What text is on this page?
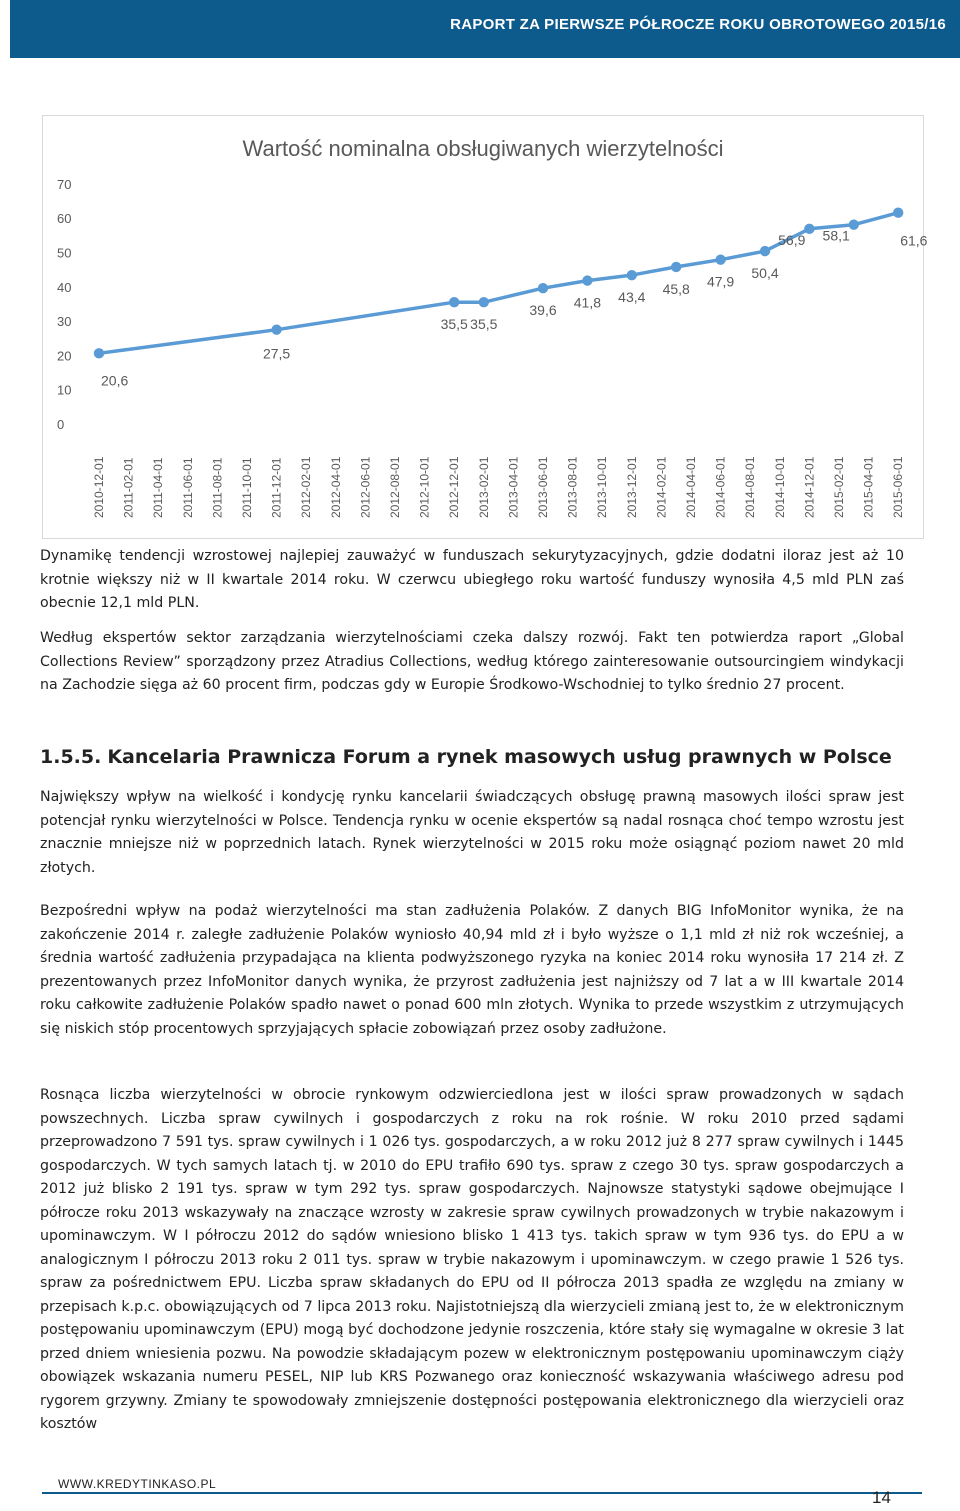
RAPORT ZA PIERWSZE PÓŁROCZE ROKU OBROTOWEGO 2015/16
Wartość nominalna obsługiwanych wierzytelności
0
10
20
30
40
50
60
70
2010-12-01 2011-02-01 2011-04-01 2011-06-01 2011-08-01 2011-10-01 2011-12-01 2012-02-01 2012-04-01 2012-06-01 2012-08-01 2012-10-01 2012-12-01 2013-02-01 2013-04-01 2013-06-01 2013-08-01 2013-10-01 2013-12-01 2014-02-01 2014-04-01 2014-06-01 2014-08-01 2014-10-01 2014-12-01 2015-02-01 2015-04-01 2015-06-01
20,6
27,5
35,5 35,5
39,6 41,8 43,4
45,8 47,9
50,4
56,9 58,1	61,6

Dynamikę tendencji wzrostowej najlepiej zauważyć w funduszach sekurytyzacyjnych, gdzie dodatni iloraz jest aż 10 krotnie większy niż w II kwartale 2014 roku. W czerwcu ubiegłego roku wartość funduszy wynosiła 4,5 mld PLN zaś obecnie 12,1 mld PLN.

Według ekspertów sektor zarządzania wierzytelnościami czeka dalszy rozwój. Fakt ten potwierdza raport „Global Collections Review” sporządzony przez Atradius Collections, według którego zainteresowanie outsourcingiem windykacji na Zachodzie sięga aż 60 procent firm, podczas gdy w Europie Środkowo-Wschodniej to tylko średnio 27 procent.

1.5.5. Kancelaria Prawnicza Forum a rynek masowych usług prawnych w Polsce

Największy wpływ na wielkość i kondycję rynku kancelarii świadczących obsługę prawną masowych ilości spraw jest potencjał rynku wierzytelności w Polsce. Tendencja rynku w ocenie ekspertów są nadal rosnąca choć tempo wzrostu jest znacznie mniejsze niż w poprzednich latach. Rynek wierzytelności w 2015 roku może osiągnąć poziom nawet 20 mld złotych.

Bezpośredni wpływ na podaż wierzytelności ma stan zadłużenia Polaków. Z danych BIG InfoMonitor wynika, że na zakończenie 2014 r. zaległe zadłużenie Polaków wyniosło 40,94 mld zł i było wyższe o 1,1 mld zł niż rok wcześniej, a średnia wartość zadłużenia przypadająca na klienta podwyższonego ryzyka na koniec 2014 roku wynosiła 17 214 zł. Z prezentowanych przez InfoMonitor danych wynika, że przyrost zadłużenia jest najniższy od 7 lat a w III kwartale 2014 roku całkowite zadłużenie Polaków spadło nawet o ponad 600 mln złotych. Wynika to przede wszystkim z utrzymujących się niskich stóp procentowych sprzyjających spłacie zobowiązań przez osoby zadłużone.

Rosnąca liczba wierzytelności w obrocie rynkowym odzwierciedlona jest w ilości spraw prowadzonych w sądach powszechnych. Liczba spraw cywilnych i gospodarczych z roku na rok rośnie. W roku 2010 przed sądami przeprowadzono 7 591 tys. spraw cywilnych i 1 026 tys. gospodarczych, a w roku 2012 już 8 277 spraw cywilnych i 1445 gospodarczych. W tych samych latach tj. w 2010 do EPU trafiło 690 tys. spraw z czego 30 tys. spraw gospodarczych a 2012 już blisko 2 191 tys. spraw w tym 292 tys. spraw gospodarczych. Najnowsze statystyki sądowe obejmujące I półrocze roku 2013 wskazywały na znaczące wzrosty w zakresie spraw cywilnych prowadzonych w trybie nakazowym i upominawczym. W I półroczu 2012 do sądów wniesiono blisko 1 413 tys. takich spraw w tym 936 tys. do EPU a w analogicznym I półroczu 2013 roku 2 011 tys. spraw w trybie nakazowym i upominawczym. w czego prawie 1 526 tys. spraw za pośrednictwem EPU. Liczba spraw składanych do EPU od II półrocza 2013 spadła ze względu na zmiany w przepisach k.p.c. obowiązujących od 7 lipca 2013 roku. Najistotniejszą dla wierzycieli zmianą jest to, że w elektronicznym postępowaniu upominawczym (EPU) mogą być dochodzone jedynie roszczenia, które stały się wymagalne w okresie 3 lat przed dniem wniesienia pozwu. Na powodzie składającym pozew w elektronicznym postępowaniu upominawczym ciąży obowiązek wskazania numeru PESEL, NIP lub KRS Pozwanego oraz konieczność wskazywania właściwego adresu pod rygorem grzywny. Zmiany te spowodowały zmniejszenie dostępności postępowania elektronicznego dla wierzycieli oraz kosztów

WWW.KREDYTINKASO.PL
14
